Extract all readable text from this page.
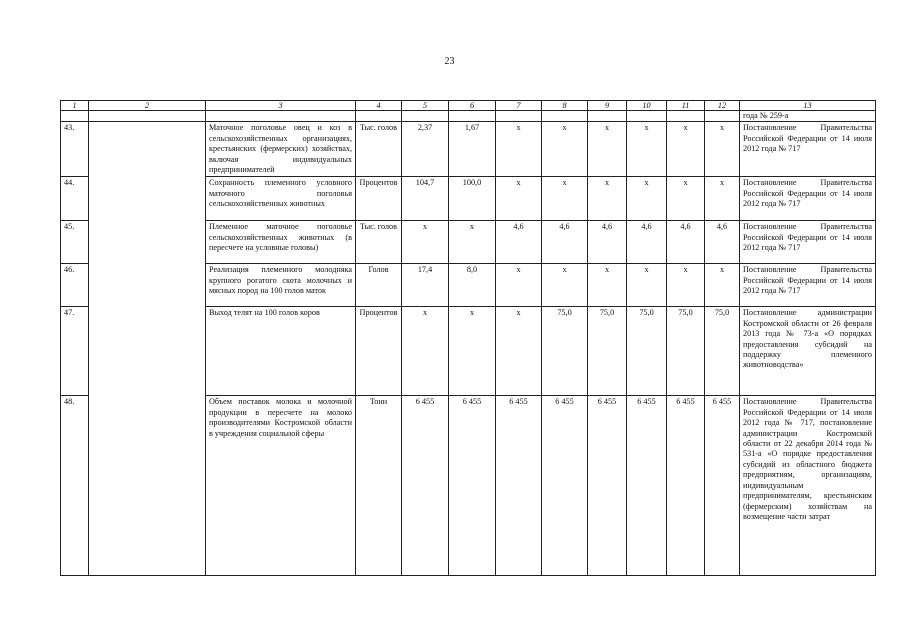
23
1	2	3	4	5	6	7	8	9	10	11	12	13
												года № 259-а
43.		Маточное поголовье овец и коз в сельскохозяйственных организациях, крестьянских (фермерских) хозяйствах, включая индивидуальных предпринимателей	Тыс. голов	2,37	1,67	х	х	х	х	х	х	Постановление Правительства Российской Федерации от 14 июля 2012 года № 717
44.		Сохранность племенного условного маточного поголовья сельскохозяйственных животных	Процентов	104,7	100,0	х	х	х	х	х	х	Постановление Правительства Российской Федерации от 14 июля 2012 года № 717
45.		Племенное маточное поголовье сельскохозяйственных животных (в пересчете на условные головы)	Тыс. голов	х	х	4,6	4,6	4,6	4,6	4,6	4,6	Постановление Правительства Российской Федерации от 14 июля 2012 года № 717
46.		Реализация племенного молодняка крупного рогатого скота молочных и мясных пород на 100 голов маток	Голов	17,4	8,0	х	х	х	х	х	х	Постановление Правительства Российской Федерации от 14 июля 2012 года № 717
47.		Выход телят на 100 голов коров	Процентов	х	х	х	75,0	75,0	75,0	75,0	75,0	Постановление администрации Костромской области от 26 февраля 2013 года № 73-а «О порядках предоставления субсидий на поддержку племенного животноводства»
48.		Объем поставок молока и молочной продукции в пересчете на молоко производителями Костромской области в учреждения социальной сферы	Тонн	6 455	6 455	6 455	6 455	6 455	6 455	6 455	6 455	Постановление Правительства Российской Федерации от 14 июля 2012 года № 717, постановление администрации Костромской области от 22 декабря 2014 года № 531-а «О порядке предоставления субсидий из областного бюджета предприятиям, организациям, индивидуальным предпринимателям, крестьянским (фермерским) хозяйствам на возмещение части затрат
